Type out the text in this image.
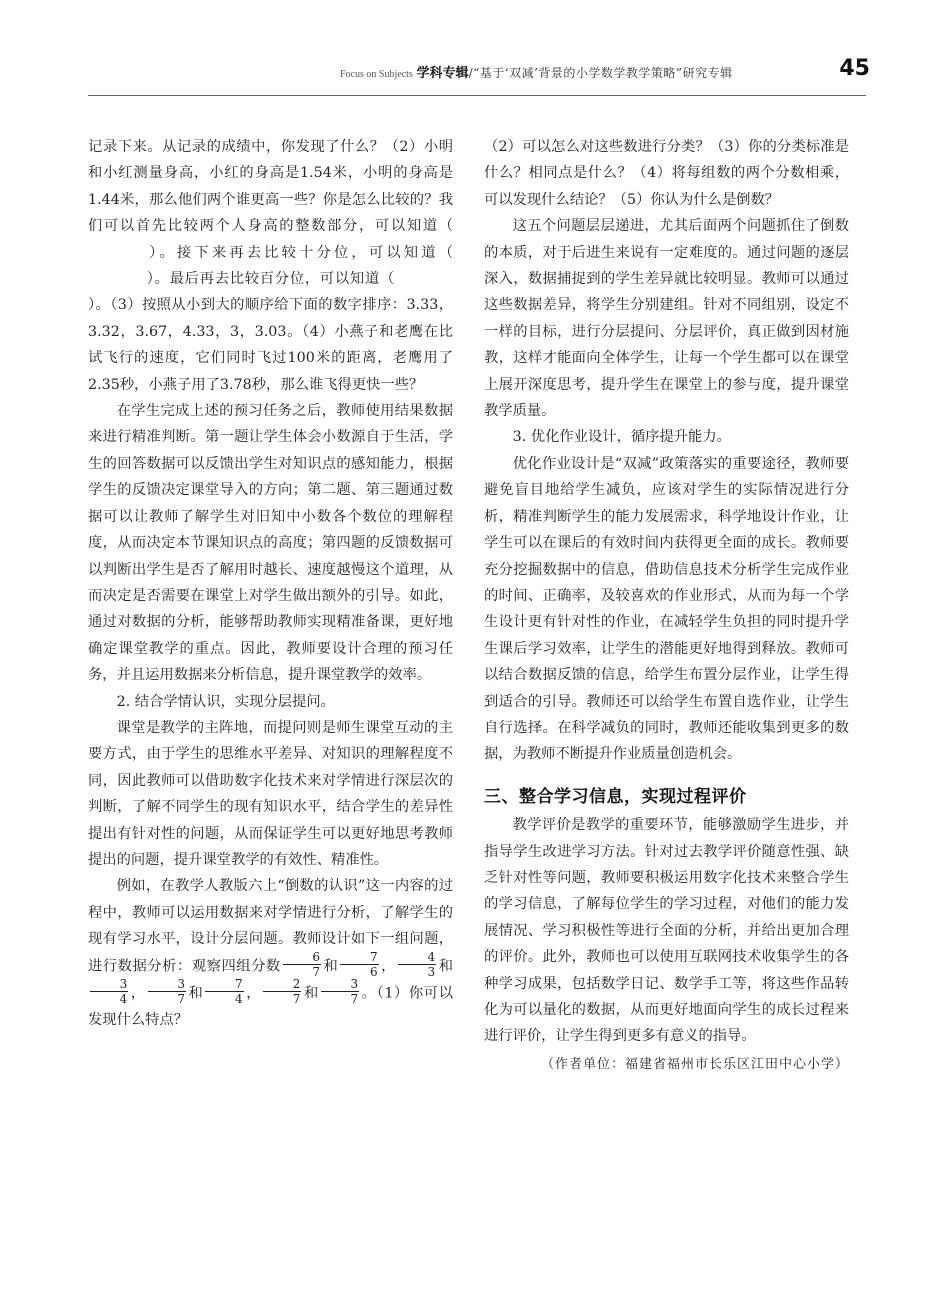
Focus on Subjects 学科专辑/“基于‘双减’背景的小学数学教学策略”研究专辑	45

记录下来。从记录的成绩中，你发现了什么？（2）小明和小红测量身高，小红的身高是1.54米，小明的身高是1.44米，那么他们两个谁更高一些？你是怎么比较的？我们可以首先比较两个人身高的整数部分，可以知道（）。接下来再去比较十分位，可以知道（）。最后再去比较百分位，可以知道（）。（3）按照从小到大的顺序给下面的数字排序：3.33，3.32，3.67，4.33，3，3.03。（4）小燕子和老鹰在比试飞行的速度，它们同时飞过100米的距离，老鹰用了2.35秒，小燕子用了3.78秒，那么谁飞得更快一些？

在学生完成上述的预习任务之后，教师使用结果数据来进行精准判断。第一题让学生体会小数源自于生活，学生的回答数据可以反馈出学生对知识点的感知能力，根据学生的反馈决定课堂导入的方向；第二题、第三题通过数据可以让教师了解学生对旧知中小数各个数位的理解程度，从而决定本节课知识点的高度；第四题的反馈数据可以判断出学生是否了解用时越长、速度越慢这个道理，从而决定是否需要在课堂上对学生做出额外的引导。如此，通过对数据的分析，能够帮助教师实现精准备课，更好地确定课堂教学的重点。因此，教师要设计合理的预习任务，并且运用数据来分析信息，提升课堂教学的效率。

2. 结合学情认识，实现分层提问。

课堂是教学的主阵地，而提问则是师生课堂互动的主要方式，由于学生的思维水平差异、对知识的理解程度不同，因此教师可以借助数字化技术来对学情进行深层次的判断，了解不同学生的现有知识水平，结合学生的差异性提出有针对性的问题，从而保证学生可以更好地思考教师提出的问题，提升课堂教学的有效性、精准性。

例如，在教学人教版六上“倒数的认识”这一内容的过程中，教师可以运用数据来对学情进行分析，了解学生的现有学习水平，设计分层问题。教师设计如下一组问题，进行数据分析：观察四组分数 $\frac{6}{7}$ 和 $\frac{7}{6}$ ， $\frac{4}{3}$ 和
$\frac{3}{4}$ ， $\frac{3}{7}$ 和 $\frac{7}{4}$ ， $\frac{2}{7}$ 和 $\frac{3}{7}$ 。（1）你可以发现什么特点？

（2）可以怎么对这些数进行分类？（3）你的分类标准是什么？相同点是什么？（4）将每组数的两个分数相乘，可以发现什么结论？（5）你认为什么是倒数？

这五个问题层层递进，尤其后面两个问题抓住了倒数的本质，对于后进生来说有一定难度的。通过问题的逐层深入，数据捕捉到的学生差异就比较明显。教师可以通过这些数据差异，将学生分别建组。针对不同组别，设定不一样的目标，进行分层提问、分层评价，真正做到因材施教，这样才能面向全体学生，让每一个学生都可以在课堂上展开深度思考，提升学生在课堂上的参与度，提升课堂教学质量。

3. 优化作业设计，循序提升能力。

优化作业设计是“双减”政策落实的重要途径，教师要避免盲目地给学生减负，应该对学生的实际情况进行分析，精准判断学生的能力发展需求，科学地设计作业，让学生可以在课后的有效时间内获得更全面的成长。教师要充分挖掘数据中的信息，借助信息技术分析学生完成作业的时间、正确率，及较喜欢的作业形式，从而为每一个学生设计更有针对性的作业，在减轻学生负担的同时提升学生课后学习效率，让学生的潜能更好地得到释放。教师可以结合数据反馈的信息，给学生布置分层作业，让学生得到适合的引导。教师还可以给学生布置自选作业，让学生自行选择。在科学减负的同时，教师还能收集到更多的数据，为教师不断提升作业质量创造机会。

三、整合学习信息，实现过程评价

教学评价是教学的重要环节，能够激励学生进步，并指导学生改进学习方法。针对过去教学评价随意性强、缺乏针对性等问题，教师要积极运用数字化技术来整合学生的学习信息，了解每位学生的学习过程，对他们的能力发展情况、学习积极性等进行全面的分析，并给出更加合理的评价。此外，教师也可以使用互联网技术收集学生的各种学习成果，包括数学日记、数学手工等，将这些作品转化为可以量化的数据，从而更好地面向学生的成长过程来进行评价，让学生得到更多有意义的指导。

（作者单位：福建省福州市长乐区江田中心小学）
